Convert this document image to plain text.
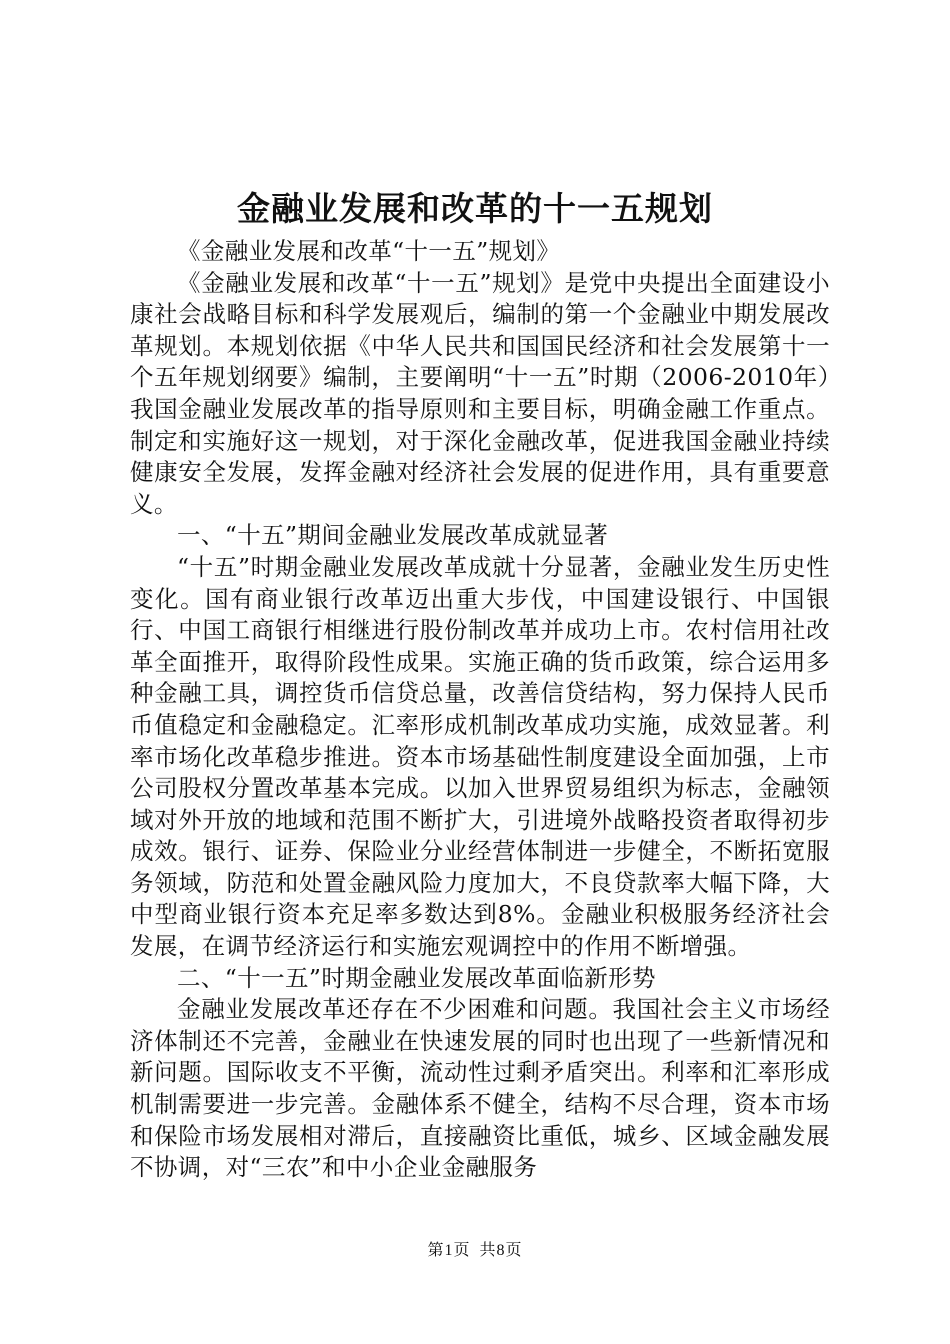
金融业发展和改革的十一五规划

《金融业发展和改革“十一五”规划》

《金融业发展和改革“十一五”规划》是党中央提出全面建设小康社会战略目标和科学发展观后，编制的第一个金融业中期发展改革规划。本规划依据《中华人民共和国国民经济和社会发展第十一个五年规划纲要》编制，主要阐明“十一五”时期（2006-2010年）我国金融业发展改革的指导原则和主要目标，明确金融工作重点。制定和实施好这一规划，对于深化金融改革，促进我国金融业持续健康安全发展，发挥金融对经济社会发展的促进作用，具有重要意义。

一、“十五”期间金融业发展改革成就显著

“十五”时期金融业发展改革成就十分显著，金融业发生历史性变化。国有商业银行改革迈出重大步伐，中国建设银行、中国银行、中国工商银行相继进行股份制改革并成功上市。农村信用社改革全面推开，取得阶段性成果。实施正确的货币政策，综合运用多种金融工具，调控货币信贷总量，改善信贷结构，努力保持人民币币值稳定和金融稳定。汇率形成机制改革成功实施，成效显著。利率市场化改革稳步推进。资本市场基础性制度建设全面加强，上市公司股权分置改革基本完成。以加入世界贸易组织为标志，金融领域对外开放的地域和范围不断扩大，引进境外战略投资者取得初步成效。银行、证券、保险业分业经营体制进一步健全，不断拓宽服务领域，防范和处置金融风险力度加大，不良贷款率大幅下降，大中型商业银行资本充足率多数达到8%。金融业积极服务经济社会发展，在调节经济运行和实施宏观调控中的作用不断增强。

二、“十一五”时期金融业发展改革面临新形势

金融业发展改革还存在不少困难和问题。我国社会主义市场经济体制还不完善，金融业在快速发展的同时也出现了一些新情况和新问题。国际收支不平衡，流动性过剩矛盾突出。利率和汇率形成机制需要进一步完善。金融体系不健全，结构不尽合理，资本市场和保险市场发展相对滞后，直接融资比重低，城乡、区域金融发展不协调，对“三农”和中小企业金融服务

第1页 共8页
